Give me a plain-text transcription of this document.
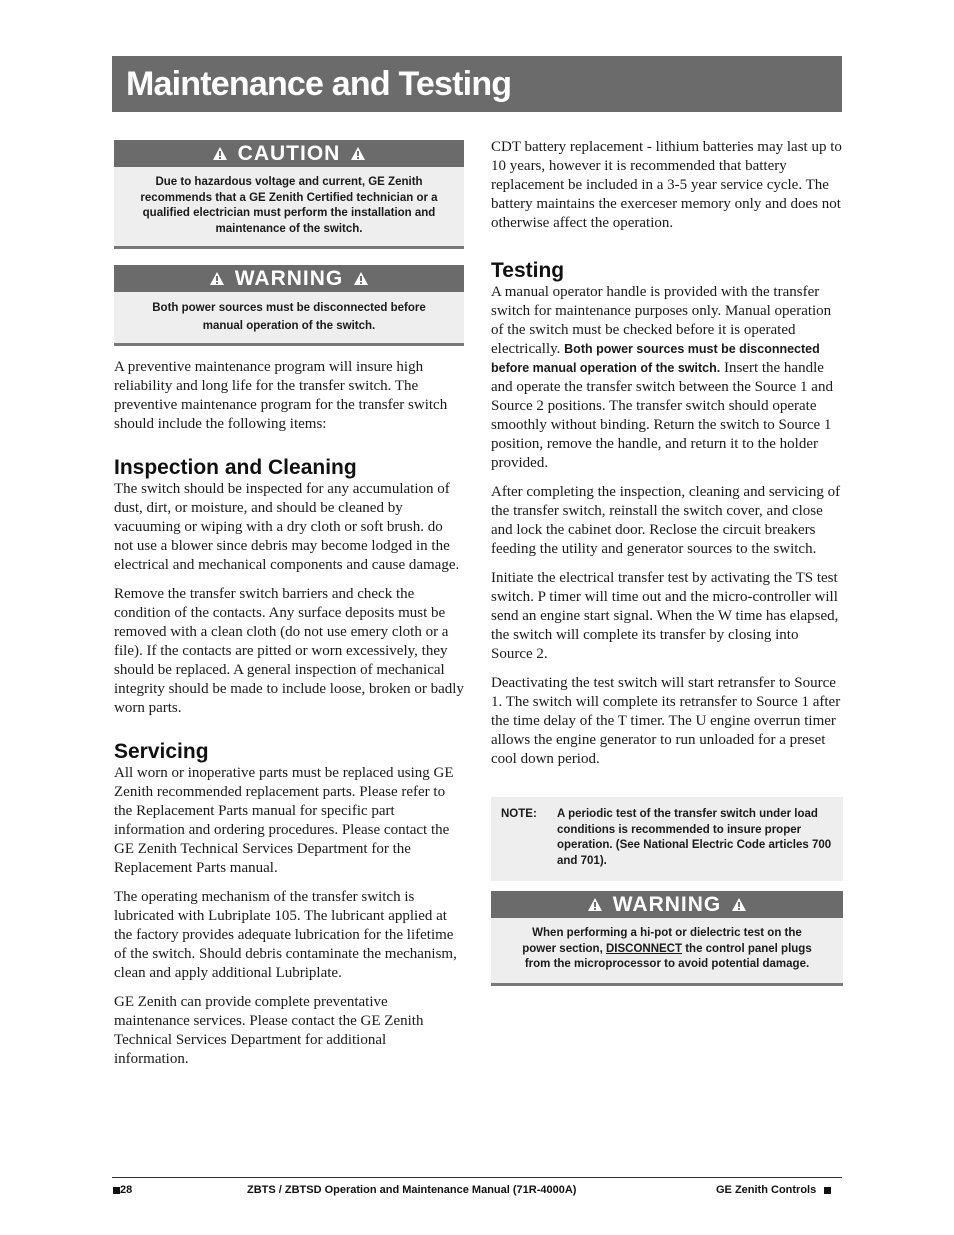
Maintenance and Testing
CAUTION
Due to hazardous voltage and current, GE Zenith recommends that a GE Zenith Certified technician or a qualified electrician must perform the installation and maintenance of the switch.
WARNING
Both power sources must be disconnected before manual operation of the switch.

A preventive maintenance program will insure high reliability and long life for the transfer switch. The preventive maintenance program for the transfer switch should include the following items:

Inspection and Cleaning

The switch should be inspected for any accumulation of dust, dirt, or moisture, and should be cleaned by vacuuming or wiping with a dry cloth or soft brush. do not use a blower since debris may become lodged in the electrical and mechanical components and cause damage.

Remove the transfer switch barriers and check the condition of the contacts. Any surface deposits must be removed with a clean cloth (do not use emery cloth or a file). If the contacts are pitted or worn excessively, they should be replaced. A general inspection of mechanical integrity should be made to include loose, broken or badly worn parts.

Servicing

All worn or inoperative parts must be replaced using GE Zenith recommended replacement parts. Please refer to the Replacement Parts manual for specific part information and ordering procedures. Please contact the GE Zenith Technical Services Department for the Replacement Parts manual.

The operating mechanism of the transfer switch is lubricated with Lubriplate 105. The lubricant applied at the factory provides adequate lubrication for the lifetime of the switch. Should debris contaminate the mechanism, clean and apply additional Lubriplate.

GE Zenith can provide complete preventative maintenance services. Please contact the GE Zenith Technical Services Department for additional information.

CDT battery replacement - lithium batteries may last up to 10 years, however it is recommended that battery replacement be included in a 3-5 year service cycle. The battery maintains the exerceser memory only and does not otherwise affect the operation.

Testing

A manual operator handle is provided with the transfer switch for maintenance purposes only. Manual operation of the switch must be checked before it is operated electrically. Both power sources must be disconnected before manual operation of the switch. Insert the handle and operate the transfer switch between the Source 1 and Source 2 positions. The transfer switch should operate smoothly without binding. Return the switch to Source 1 position, remove the handle, and return it to the holder provided.

After completing the inspection, cleaning and servicing of the transfer switch, reinstall the switch cover, and close and lock the cabinet door. Reclose the circuit breakers feeding the utility and generator sources to the switch.

Initiate the electrical transfer test by activating the TS test switch. P timer will time out and the micro-controller will send an engine start signal. When the W time has elapsed, the switch will complete its transfer by closing into Source 2.

Deactivating the test switch will start retransfer to Source 1. The switch will complete its retransfer to Source 1 after the time delay of the T timer. The U engine overrun timer allows the engine generator to run unloaded for a preset cool down period.

NOTE:	A periodic test of the transfer switch under load conditions is recommended to insure proper operation. (See National Electric Code articles 700 and 701).
WARNING
When performing a hi-pot or dielectric test on the power section, DISCONNECT the control panel plugs from the microprocessor to avoid potential damage.
28	ZBTS / ZBTSD Operation and Maintenance Manual (71R-4000A)	GE Zenith Controls
